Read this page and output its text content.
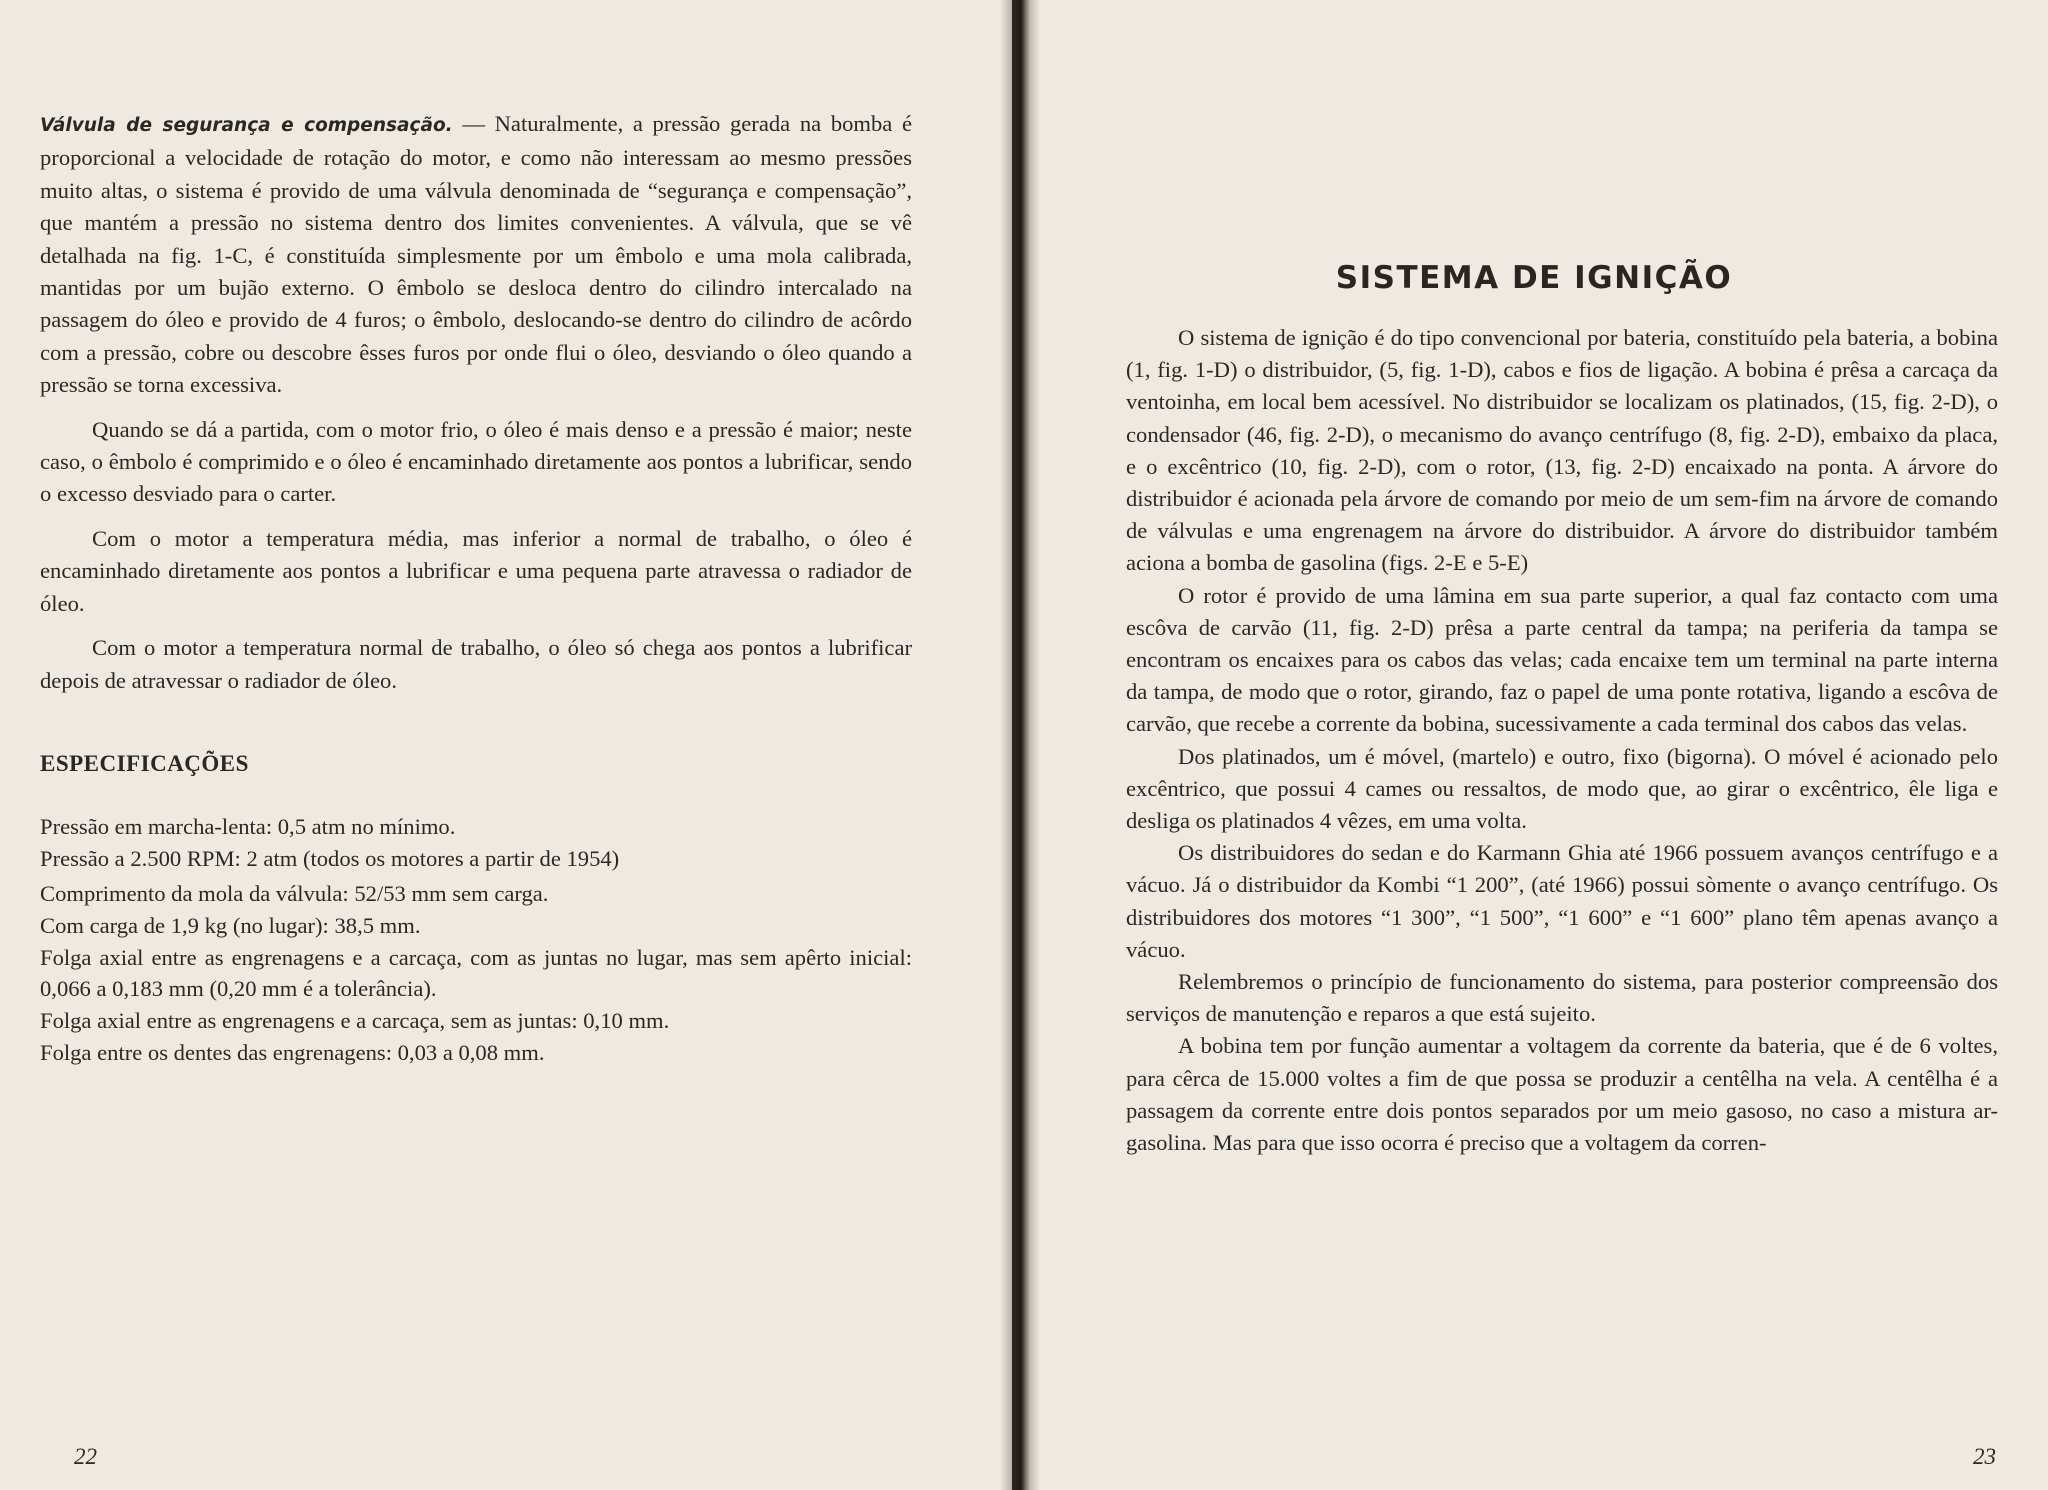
Válvula de segurança e compensação. — Naturalmente, a pressão gerada na bomba é proporcional a velocidade de rotação do motor, e como não interessam ao mesmo pressões muito altas, o sistema é provido de uma válvula denominada de “segurança e compensação”, que mantém a pressão no sistema dentro dos limites convenientes. A válvula, que se vê detalhada na fig. 1-C, é constituída simplesmente por um êmbolo e uma mola calibrada, mantidas por um bujão externo. O êmbolo se desloca dentro do cilindro intercalado na passagem do óleo e provido de 4 furos; o êmbolo, deslocando-se dentro do cilindro de acôrdo com a pressão, cobre ou descobre êsses furos por onde flui o óleo, desviando o óleo quando a pressão se torna excessiva.

Quando se dá a partida, com o motor frio, o óleo é mais denso e a pressão é maior; neste caso, o êmbolo é comprimido e o óleo é encaminhado diretamente aos pontos a lubrificar, sendo o excesso desviado para o carter.

Com o motor a temperatura média, mas inferior a normal de trabalho, o óleo é encaminhado diretamente aos pontos a lubrificar e uma pequena parte atravessa o radiador de óleo.

Com o motor a temperatura normal de trabalho, o óleo só chega aos pontos a lubrificar depois de atravessar o radiador de óleo.

ESPECIFICAÇÕES
Pressão em marcha-lenta: 0,5 atm no mínimo.
Pressão a 2.500 RPM: 2 atm (todos os motores a partir de 1954)
Comprimento da mola da válvula: 52/53 mm sem carga.
Com carga de 1,9 kg (no lugar): 38,5 mm.
Folga axial entre as engrenagens e a carcaça, com as juntas no lugar, mas sem apêrto inicial: 0,066 a 0,183 mm (0,20 mm é a tolerância).
Folga axial entre as engrenagens e a carcaça, sem as juntas: 0,10 mm.
Folga entre os dentes das engrenagens: 0,03 a 0,08 mm.
22
SISTEMA DE IGNIÇÃO

O sistema de ignição é do tipo convencional por bateria, constituído pela bateria, a bobina (1, fig. 1-D) o distribuidor, (5, fig. 1-D), cabos e fios de ligação. A bobina é prêsa a carcaça da ventoinha, em local bem acessível. No distribuidor se localizam os platinados, (15, fig. 2-D), o condensador (46, fig. 2-D), o mecanismo do avanço centrífugo (8, fig. 2-D), embaixo da placa, e o excêntrico (10, fig. 2-D), com o rotor, (13, fig. 2-D) encaixado na ponta. A árvore do distribuidor é acionada pela árvore de comando por meio de um sem-fim na árvore de comando de válvulas e uma engrenagem na árvore do distribuidor. A árvore do distribuidor também aciona a bomba de gasolina (figs. 2-E e 5-E)

O rotor é provido de uma lâmina em sua parte superior, a qual faz contacto com uma escôva de carvão (11, fig. 2-D) prêsa a parte central da tampa; na periferia da tampa se encontram os encaixes para os cabos das velas; cada encaixe tem um terminal na parte interna da tampa, de modo que o rotor, girando, faz o papel de uma ponte rotativa, ligando a escôva de carvão, que recebe a corrente da bobina, sucessivamente a cada terminal dos cabos das velas.

Dos platinados, um é móvel, (martelo) e outro, fixo (bigorna). O móvel é acionado pelo excêntrico, que possui 4 cames ou ressaltos, de modo que, ao girar o excêntrico, êle liga e desliga os platinados 4 vêzes, em uma volta.

Os distribuidores do sedan e do Karmann Ghia até 1966 possuem avanços centrífugo e a vácuo. Já o distribuidor da Kombi “1 200”, (até 1966) possui sòmente o avanço centrífugo. Os distribuidores dos motores “1 300”, “1 500”, “1 600” e “1 600” plano têm apenas avanço a vácuo.

Relembremos o princípio de funcionamento do sistema, para posterior compreensão dos serviços de manutenção e reparos a que está sujeito.

A bobina tem por função aumentar a voltagem da corrente da bateria, que é de 6 voltes, para cêrca de 15.000 voltes a fim de que possa se produzir a centêlha na vela. A centêlha é a passagem da corrente entre dois pontos separados por um meio gasoso, no caso a mistura ar-gasolina. Mas para que isso ocorra é preciso que a voltagem da corren-

23
